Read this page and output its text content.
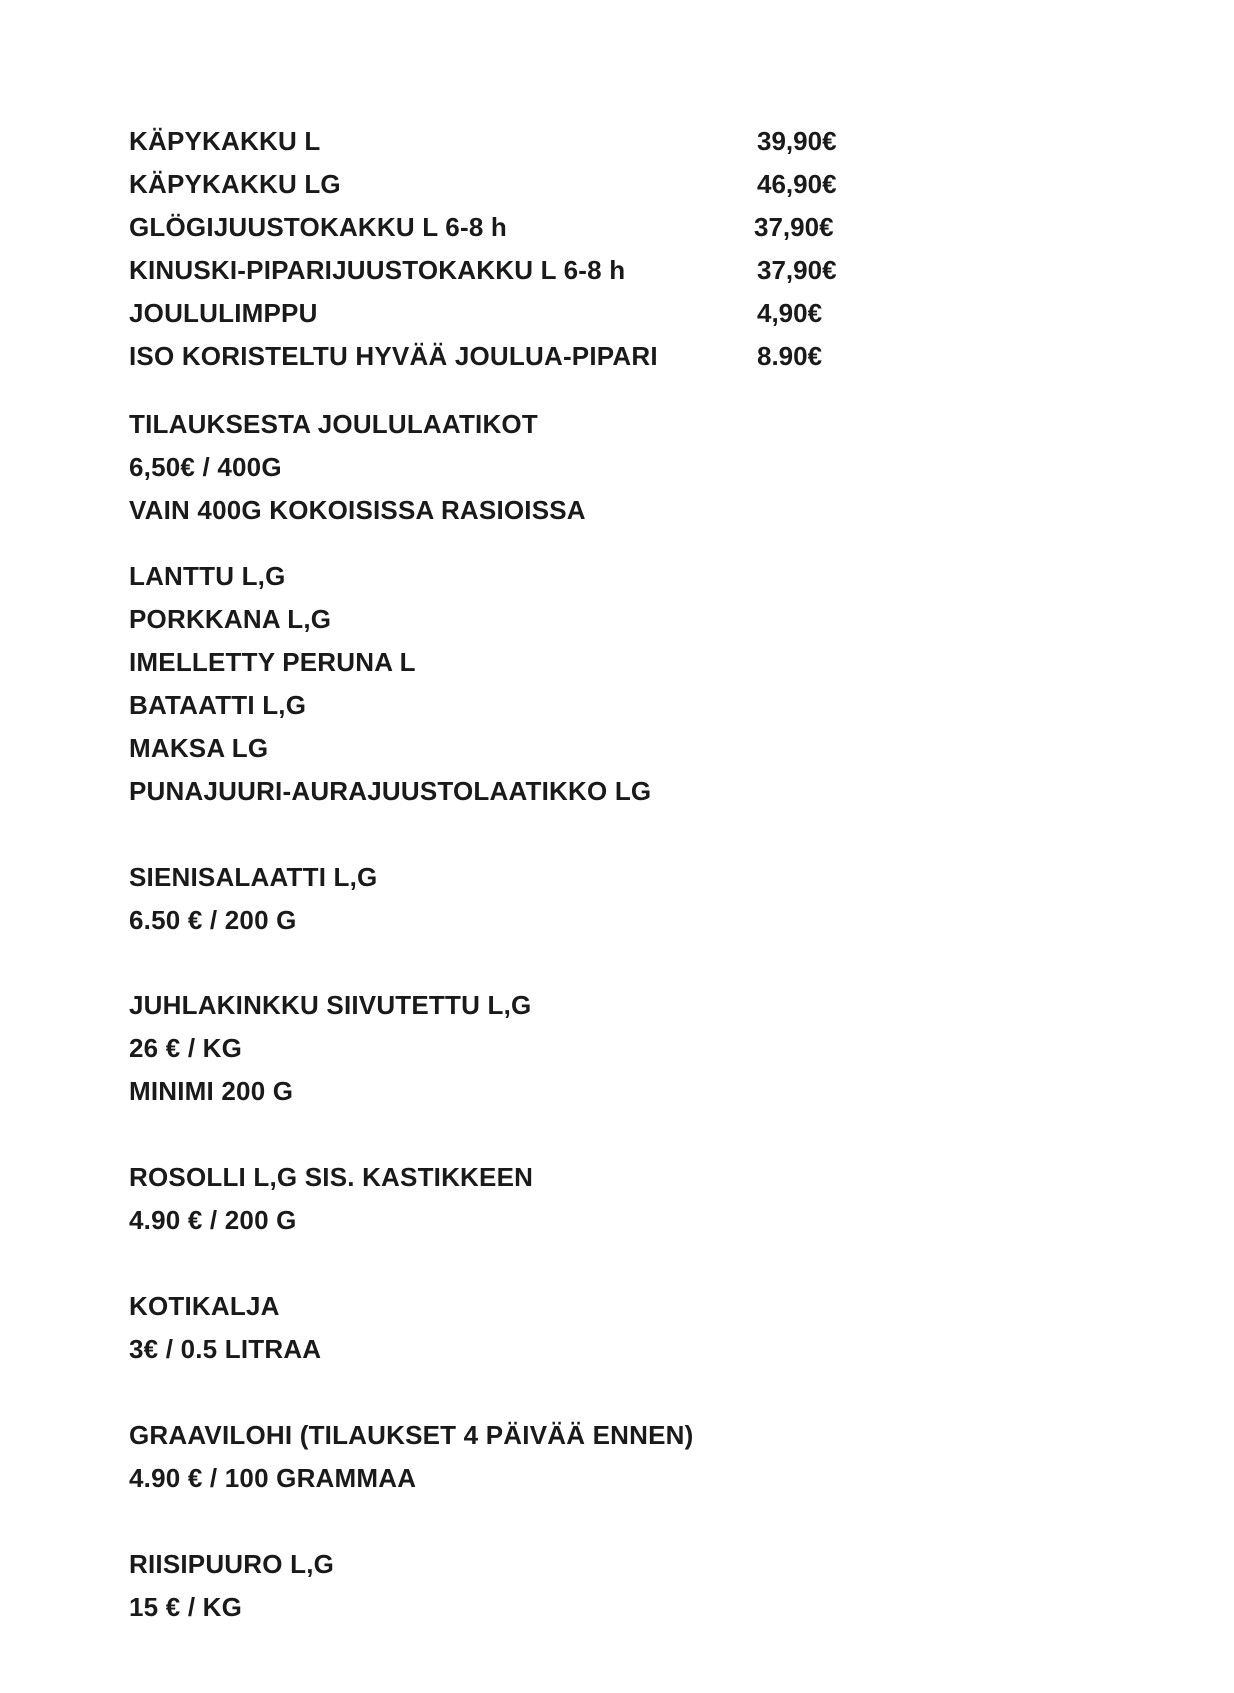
KÄPYKAKKU L	39,90€
KÄPYKAKKU LG	46,90€
GLÖGIJUUSTOKAKKU L 6-8 h	37,90€
KINUSKI-PIPARIJUUSTOKAKKU L 6-8 h	37,90€
JOULULIMPPU	4,90€
ISO KORISTELTU HYVÄÄ JOULUA-PIPARI	8.90€
TILAUKSESTA JOULULAATIKOT
6,50€ / 400G
VAIN 400G KOKOISISSA RASIOISSA
LANTTU L,G
PORKKANA L,G
IMELLETTY PERUNA L
BATAATTI L,G
MAKSA LG
PUNAJUURI-AURAJUUSTOLAATIKKO LG
SIENISALAATTI L,G
6.50 € / 200 G
JUHLAKINKKU SIIVUTETTU L,G
26 € / KG
MINIMI 200 G
ROSOLLI L,G SIS. KASTIKKEEN
4.90 € / 200 G
KOTIKALJA
3€ / 0.5 LITRAA
GRAAVILOHI (TILAUKSET 4 PÄIVÄÄ ENNEN)
4.90 € / 100 GRAMMAA
RIISIPUURO L,G
15 € / KG
